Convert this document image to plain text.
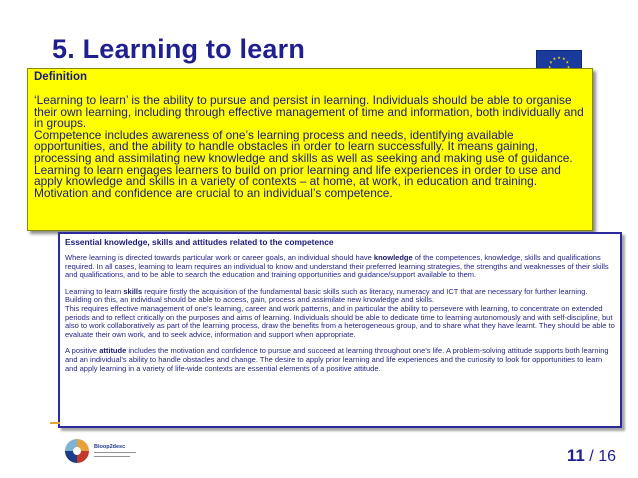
5. Learning to learn	★ ★
★
★
★
Definition

‘Learning to learn’ is the ability to pursue and persist in learning. Individuals should be able to organise their own learning, including through effective management of time and information, both individually and in groups.

Competence includes awareness of one’s learning process and needs, identifying available opportunities, and the ability to handle obstacles in order to learn successfully. It means gaining, processing and assimilating new knowledge and skills as well as seeking and making use of guidance.

Learning to learn engages learners to build on prior learning and life experiences in order to use and apply knowledge and skills in a variety of contexts – at home, at work, in education and training.

Motivation and confidence are crucial to an individual’s competence.

Essential knowledge, skills and attitudes related to the competence

Where learning is directed towards particular work or career goals, an individual should have knowledge of the competences, knowledge, skills and qualifications required. In all cases, learning to learn requires an individual to know and understand their preferred learning strategies, the strengths and weaknesses of their skills and qualifications, and to be able to search the education and training opportunities and guidance/support available to them.

Learning to learn skills require firstly the acquisition of the fundamental basic skills such as literacy, numeracy and ICT that are necessary for further learning. Building on this, an individual should be able to access, gain, process and assimilate new knowledge and skills.

This requires effective management of one’s learning, career and work patterns, and in particular the ability to persevere with learning, to concentrate on extended periods and to reflect critically on the purposes and aims of learning. Individuals should be able to dedicate time to learning autonomously and with self-discipline, but also to work collaboratively as part of the learning process, draw the benefits from a heterogeneous group, and to share what they have learnt. They should be able to evaluate their own work, and to seek advice, information and support when appropriate.

A positive attitude includes the motivation and confidence to pursue and succeed at learning throughout one’s life. A problem-solving attitude supports both learning and an individual’s ability to handle obstacles and change. The desire to apply prior learning and life experiences and the curiosity to look for opportunities to learn and apply learning in a variety of life-wide contexts are essential elements of a positive attitude.

Bloop2desc
▬▬▬▬▬▬▬▬▬▬▬▬▬▬
▬▬▬▬▬▬▬▬▬▬▬▬	11 / 16
